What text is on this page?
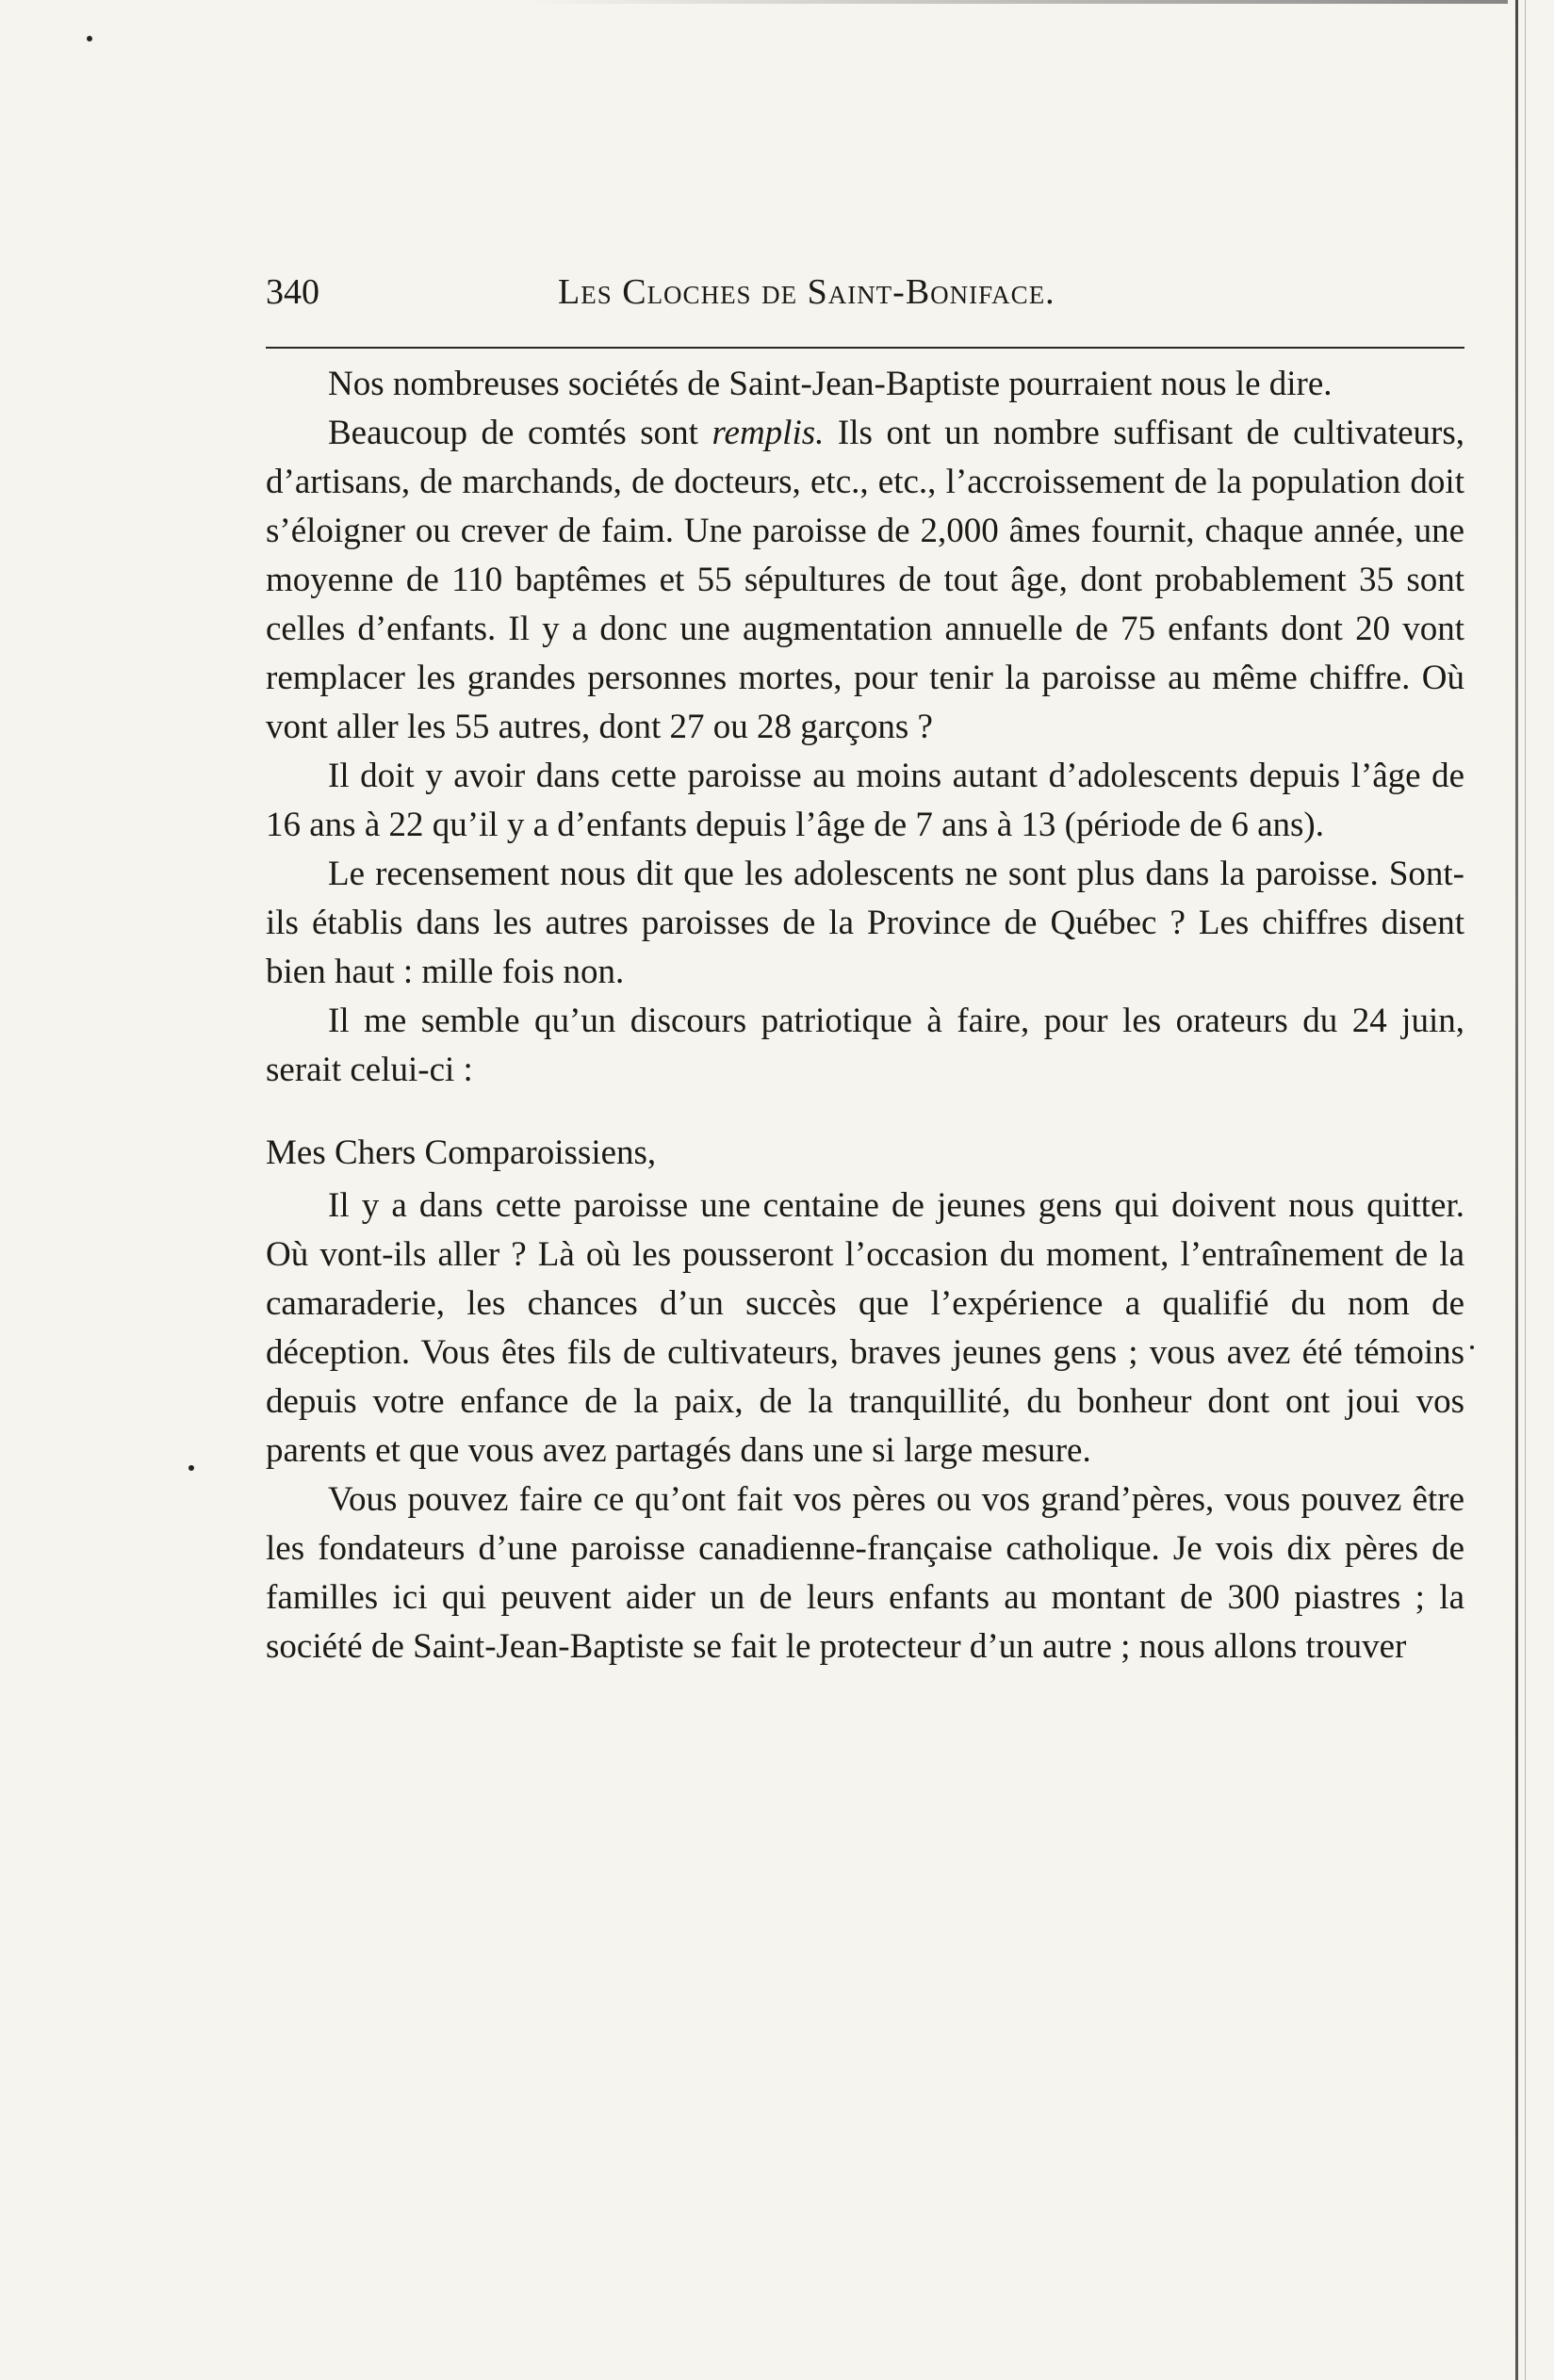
340	Les Cloches de Saint-Boniface.

Nos nombreuses sociétés de Saint-Jean-Baptiste pourraient nous le dire.

Beaucoup de comtés sont remplis. Ils ont un nombre suffisant de cultivateurs, d’artisans, de marchands, de docteurs, etc., etc., l’accroissement de la population doit s’éloigner ou crever de faim. Une paroisse de 2,000 âmes fournit, chaque année, une moyenne de 110 baptêmes et 55 sépultures de tout âge, dont probablement 35 sont celles d’enfants. Il y a donc une augmentation annuelle de 75 enfants dont 20 vont remplacer les grandes personnes mortes, pour tenir la paroisse au même chiffre. Où vont aller les 55 autres, dont 27 ou 28 garçons ?

Il doit y avoir dans cette paroisse au moins autant d’adolescents depuis l’âge de 16 ans à 22 qu’il y a d’enfants depuis l’âge de 7 ans à 13 (période de 6 ans).

Le recensement nous dit que les adolescents ne sont plus dans la paroisse. Sont-ils établis dans les autres paroisses de la Province de Québec ? Les chiffres disent bien haut : mille fois non.

Il me semble qu’un discours patriotique à faire, pour les orateurs du 24 juin, serait celui-ci :

Mes Chers Comparoissiens,

Il y a dans cette paroisse une centaine de jeunes gens qui doivent nous quitter. Où vont-ils aller ? Là où les pousseront l’occasion du moment, l’entraînement de la camaraderie, les chances d’un succès que l’expérience a qualifié du nom de déception. Vous êtes fils de cultivateurs, braves jeunes gens ; vous avez été témoins depuis votre enfance de la paix, de la tranquillité, du bonheur dont ont joui vos parents et que vous avez partagés dans une si large mesure.

Vous pouvez faire ce qu’ont fait vos pères ou vos grand’pères, vous pouvez être les fondateurs d’une paroisse canadienne-française catholique. Je vois dix pères de familles ici qui peuvent aider un de leurs enfants au montant de 300 piastres ; la société de Saint-Jean-Baptiste se fait le protecteur d’un autre ; nous allons trouver
